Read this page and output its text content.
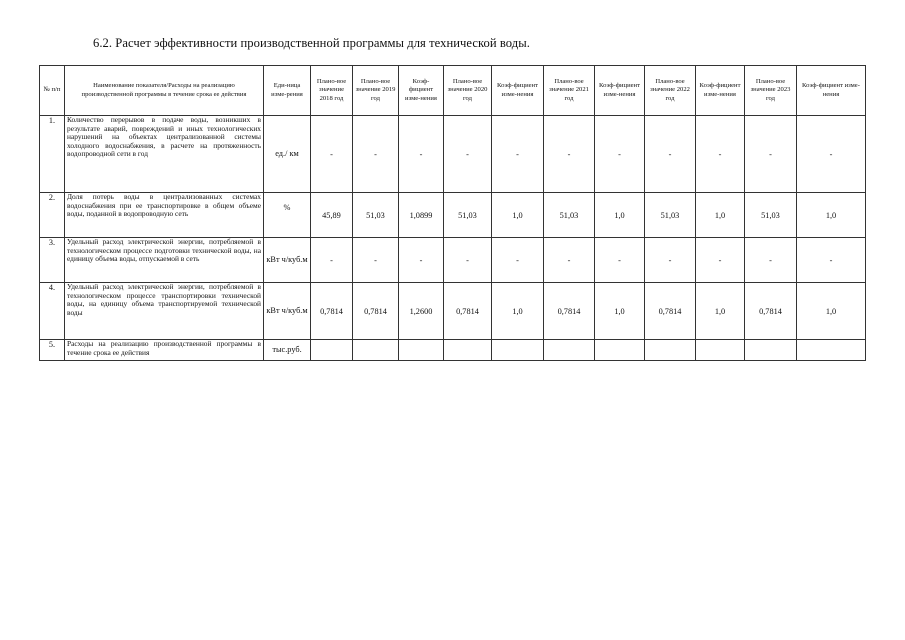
6.2. Расчет эффективности производственной программы для технической воды.
№ п/п	Наименование показателя/Расходы на реализацию производственной программы в течение срока ее действия	Еди-ница изме-рения	Плано-вое значение 2018 год	Плано-вое значение 2019 год	Коэф-фициент изме-нения	Плано-вое значение 2020 год	Коэф-фициент изме-нения	Плано-вое значение 2021 год	Коэф-фициент изме-нения	Плано-вое значение 2022 год	Коэф-фициент изме-нения	Плано-вое значение 2023 год	Коэф-фициент изме-нения
1.	Количество перерывов в подаче воды, возникших в результате аварий, повреждений и иных технологических нарушений на объектах централизованной системы холодного водоснабжения, в расчете на протяженность водопроводной сети в год	ед./ км	-	-	-	-	-	-	-	-	-	-	-
2.	Доля потерь воды в централизованных системах водоснабжения при ее транспортировке в общем объеме воды, поданной в водопроводную сеть	%	45,89	51,03	1,0899	51,03	1,0	51,03	1,0	51,03	1,0	51,03	1,0
3.	Удельный расход электрической энергии, потребляемой в технологическом процессе подготовки технической воды, на единицу объема воды, отпускаемой в сеть	кВт ч/куб.м	-	-	-	-	-	-	-	-	-	-	-
4.	Удельный расход электрической энергии, потребляемой в технологическом процессе транспортировки технической воды, на единицу объема транспортируемой технической воды	кВт ч/куб.м	0,7814	0,7814	1,2600	0,7814	1,0	0,7814	1,0	0,7814	1,0	0,7814	1,0
5.	Расходы на реализацию производственной программы в течение срока ее действия	тыс.руб.											
